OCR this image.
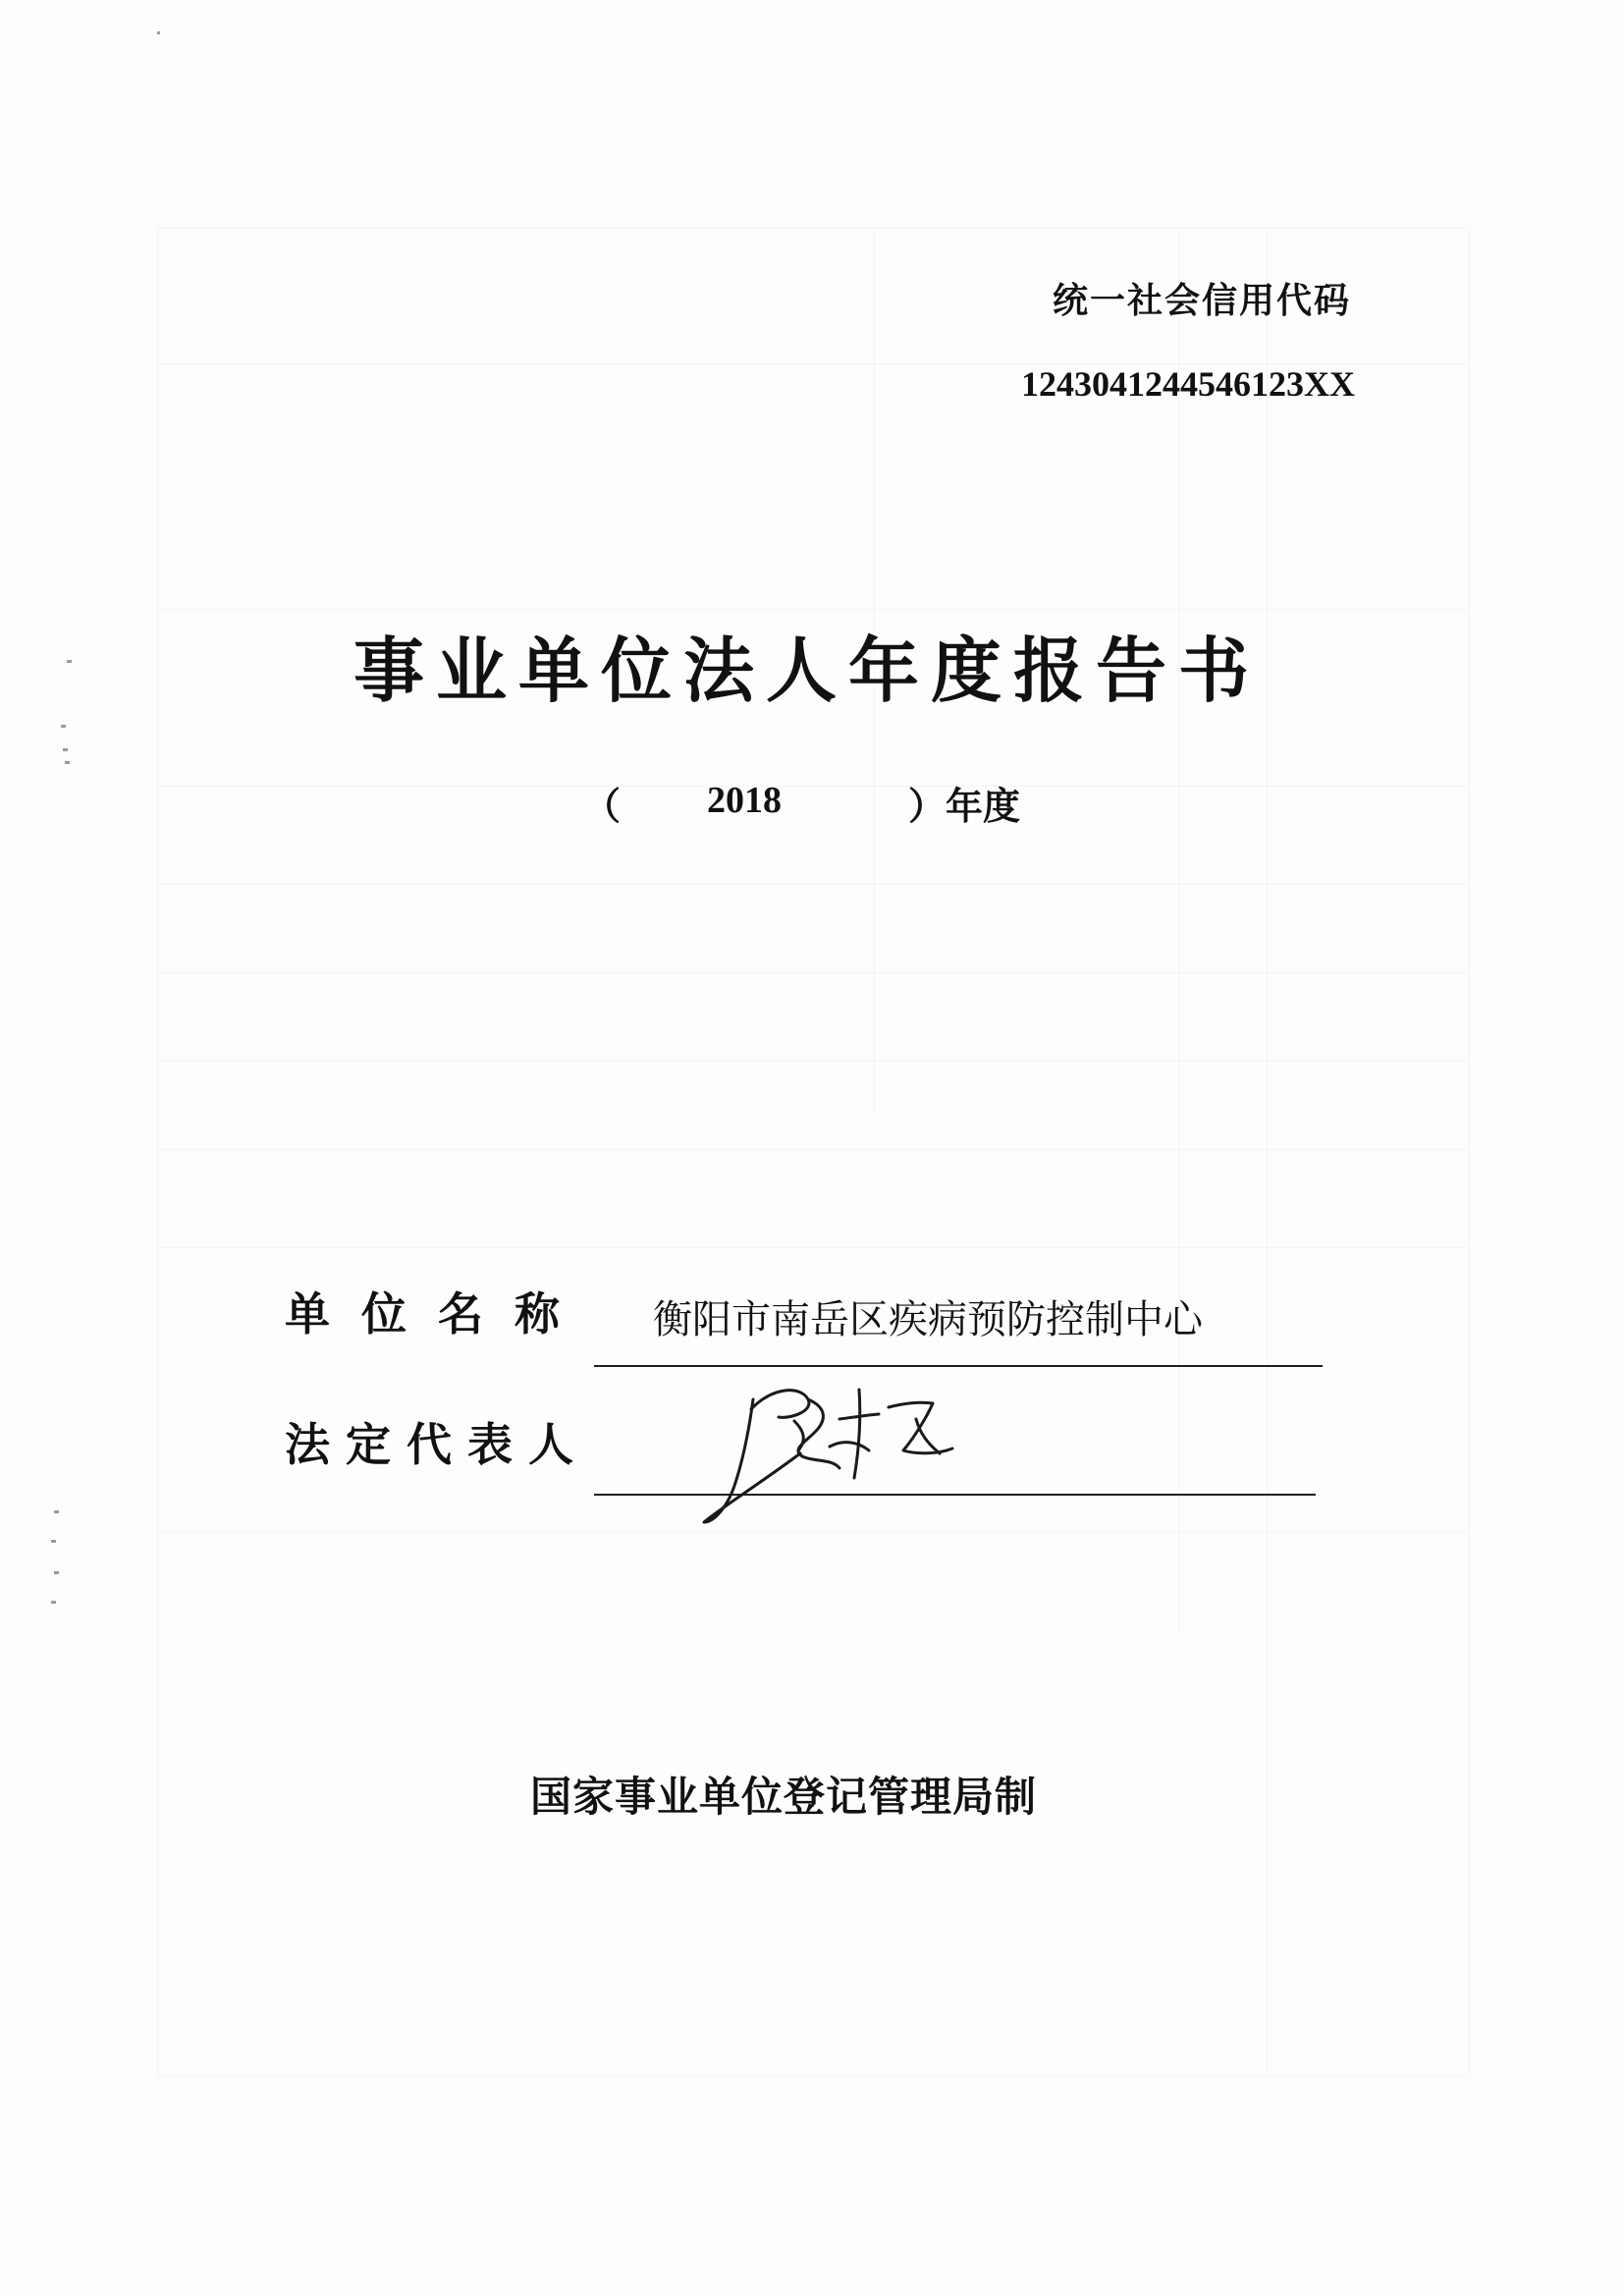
统一社会信用代码
1243041244546123XX
事业单位法人年度报告书
（ 2018	）年度
单位名称 衡阳市南岳区疾病预防控制中心
法定代表人
国家事业单位登记管理局制
